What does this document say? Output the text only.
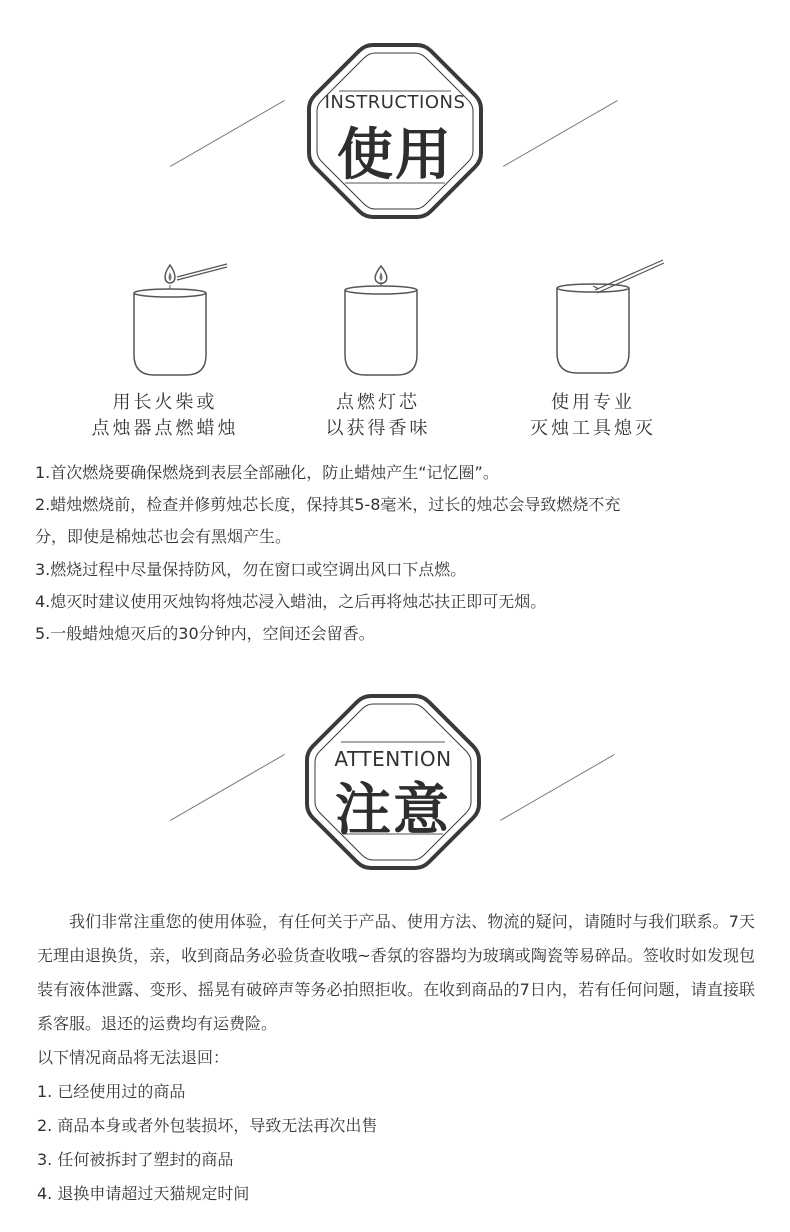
INSTRUCTIONS
使用
用长火柴或
点烛器点燃蜡烛
点燃灯芯
以获得香味
使用专业
灭烛工具熄灭
1.首次燃烧要确保燃烧到表层全部融化，防止蜡烛产生“记忆圈”。
2.蜡烛燃烧前，检查并修剪烛芯长度，保持其5-8毫米，过长的烛芯会导致燃烧不充
分，即使是棉烛芯也会有黑烟产生。
3.燃烧过程中尽量保持防风，勿在窗口或空调出风口下点燃。
4.熄灭时建议使用灭烛钩将烛芯浸入蜡油，之后再将烛芯扶正即可无烟。
5.一般蜡烛熄灭后的30分钟内，空间还会留香。
ATTENTION
注意
我们非常注重您的使用体验，有任何关于产品、使用方法、物流的疑问，请随时与我们联系。7天无理由退换货，亲，收到商品务必验货查收哦~香氛的容器均为玻璃或陶瓷等易碎品。签收时如发现包装有液体泄露、变形、摇晃有破碎声等务必拍照拒收。在收到商品的7日内，若有任何问题，请直接联系客服。退还的运费均有运费险。
以下情况商品将无法退回：
1. 已经使用过的商品
2. 商品本身或者外包装损坏，导致无法再次出售
3. 任何被拆封了塑封的商品
4. 退换申请超过天猫规定时间
